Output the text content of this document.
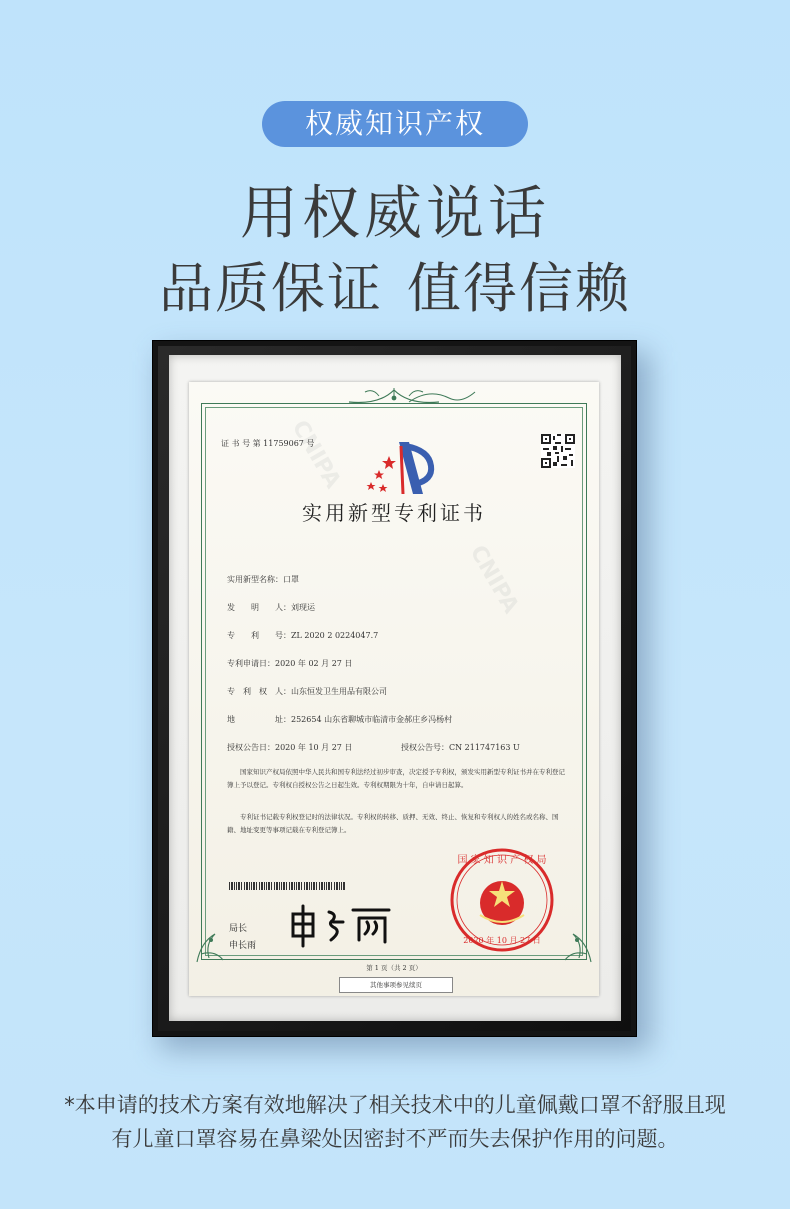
权威知识产权
用权威说话
品质保证 值得信赖
CNIPA
CNIPA
证 书 号 第 11759067 号
实用新型专利证书
实用新型名称：口罩
发　　明　　人：刘现运
专　　利　　号：ZL 2020 2 0224047.7
专利申请日：2020 年 02 月 27 日
专　利　权　人：山东恒发卫生用品有限公司
地　　　　　址：252654 山东省聊城市临清市金郝庄乡冯杨村
授权公告日：2020 年 10 月 27 日	授权公告号：CN 211747163 U
　　国家知识产权局依照中华人民共和国专利法经过初步审查，决定授予专利权，颁发实用新型专利证书并在专利登记簿上予以登记。专利权自授权公告之日起生效。专利权期限为十年，自申请日起算。
　　专利证书记载专利权登记时的法律状况。专利权的转移、质押、无效、终止、恢复和专利权人的姓名或名称、国籍、地址变更等事项记载在专利登记簿上。
局长
申长雨
国 家 知 识 产 权 局
2020 年 10 月 27 日
第 1 页（共 2 页）
其他事项参见续页
*本申请的技术方案有效地解决了相关技术中的儿童佩戴口罩不舒服且现
有儿童口罩容易在鼻梁处因密封不严而失去保护作用的问题。
